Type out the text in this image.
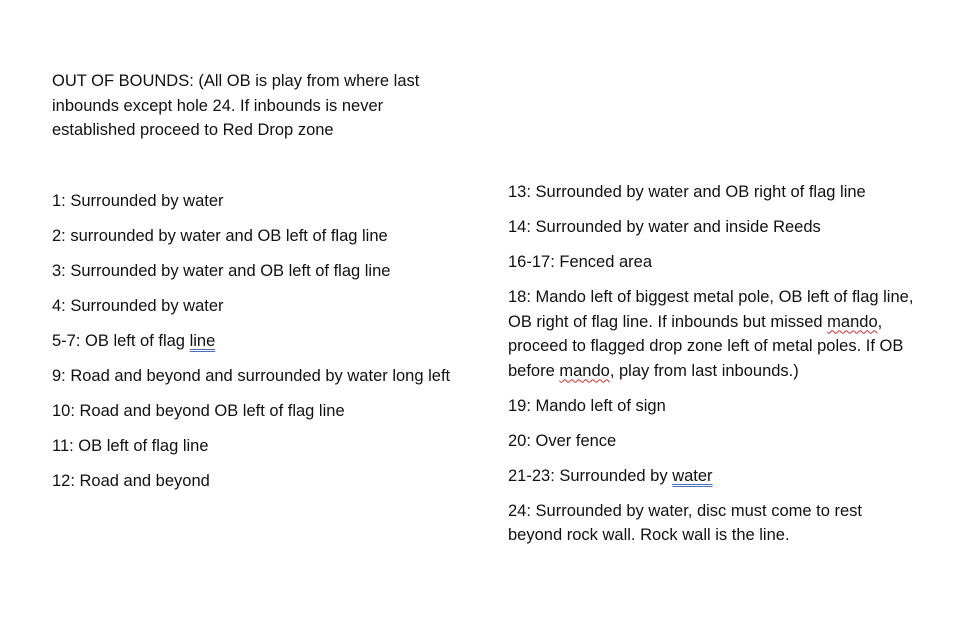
OUT OF BOUNDS: (All OB is play from where last inbounds except hole 24. If inbounds is never established proceed to Red Drop zone
1: Surrounded by water
2: surrounded by water and OB left of flag line
3: Surrounded by water and OB left of flag line
4: Surrounded by water
5-7: OB left of flag line
9: Road and beyond and surrounded by water long left
10: Road and beyond OB left of flag line
11: OB left of flag line
12: Road and beyond
13: Surrounded by water and OB right of flag line
14: Surrounded by water and inside Reeds
16-17: Fenced area
18: Mando left of biggest metal pole, OB left of flag line, OB right of flag line. If inbounds but missed mando, proceed to flagged drop zone left of metal poles. If OB before mando, play from last inbounds.)
19: Mando left of sign
20: Over fence
21-23: Surrounded by water
24: Surrounded by water, disc must come to rest beyond rock wall. Rock wall is the line.
